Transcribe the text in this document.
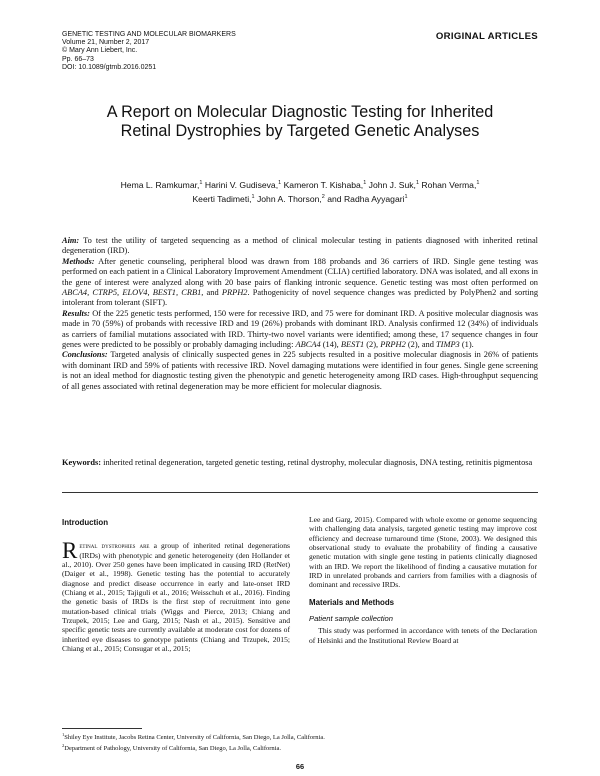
GENETIC TESTING AND MOLECULAR BIOMARKERS
Volume 21, Number 2, 2017
© Mary Ann Liebert, Inc.
Pp. 66–73
DOI: 10.1089/gtmb.2016.0251
ORIGINAL ARTICLES
A Report on Molecular Diagnostic Testing for Inherited
Retinal Dystrophies by Targeted Genetic Analyses
Hema L. Ramkumar,$^1$ Harini V. Gudiseva,$^1$ Kameron T. Kishaba,$^1$ John J. Suk,$^1$ Rohan Verma,$^1$
Keerti Tadimeti,$^1$ John A. Thorson,$^2$ and Radha Ayyagari$^1$

Aim: To test the utility of targeted sequencing as a method of clinical molecular testing in patients diagnosed with inherited retinal degeneration (IRD).

Methods: After genetic counseling, peripheral blood was drawn from 188 probands and 36 carriers of IRD. Single gene testing was performed on each patient in a Clinical Laboratory Improvement Amendment (CLIA) certified laboratory. DNA was isolated, and all exons in the gene of interest were analyzed along with 20 base pairs of flanking intronic sequence. Genetic testing was most often performed on ABCA4, CTRP5, ELOV4, BEST1, CRB1, and PRPH2. Pathogenicity of novel sequence changes was predicted by PolyPhen2 and sorting intolerant from tolerant (SIFT).

Results: Of the 225 genetic tests performed, 150 were for recessive IRD, and 75 were for dominant IRD. A positive molecular diagnosis was made in 70 (59%) of probands with recessive IRD and 19 (26%) probands with dominant IRD. Analysis confirmed 12 (34%) of individuals as carriers of familial mutations associated with IRD. Thirty-two novel variants were identified; among these, 17 sequence changes in four genes were predicted to be possibly or probably damaging including: ABCA4 (14), BEST1 (2), PRPH2 (2), and TIMP3 (1).

Conclusions: Targeted analysis of clinically suspected genes in 225 subjects resulted in a positive molecular diagnosis in 26% of patients with dominant IRD and 59% of patients with recessive IRD. Novel damaging mutations were identified in four genes. Single gene screening is not an ideal method for diagnostic testing given the phenotypic and genetic heterogeneity among IRD cases. High-throughput sequencing of all genes associated with retinal degeneration may be more efficient for molecular diagnosis.

Keywords: inherited retinal degeneration, targeted genetic testing, retinal dystrophy, molecular diagnosis, DNA testing, retinitis pigmentosa
Introduction

Retinal dystrophies are a group of inherited retinal degenerations (IRDs) with phenotypic and genetic heterogeneity (den Hollander et al., 2010). Over 250 genes have been implicated in causing IRD (RetNet) (Daiger et al., 1998). Genetic testing has the potential to accurately diagnose and predict disease occurrence in early and late-onset IRD (Chiang et al., 2015; Tajiguli et al., 2016; Weisschuh et al., 2016). Finding the genetic basis of IRDs is the first step of recruitment into gene mutation-based clinical trials (Wiggs and Pierce, 2013; Chiang and Trzupek, 2015; Lee and Garg, 2015; Nash et al., 2015). Sensitive and specific genetic tests are currently available at moderate cost for dozens of inherited eye diseases to genotype patients (Chiang and Trzupek, 2015; Chiang et al., 2015; Consugar et al., 2015;

Lee and Garg, 2015). Compared with whole exome or genome sequencing with challenging data analysis, targeted genetic testing may improve cost efficiency and decrease turnaround time (Stone, 2003). We designed this observational study to evaluate the probability of finding a causative genetic mutation with single gene testing in patients clinically diagnosed with an IRD. We report the likelihood of finding a causative mutation for IRD in unrelated probands and carriers from families with a diagnosis of dominant and recessive IRDs.

Materials and Methods
Patient sample collection

This study was performed in accordance with tenets of the Declaration of Helsinki and the Institutional Review Board at

$^1$Shiley Eye Institute, Jacobs Retina Center, University of California, San Diego, La Jolla, California.
$^2$Department of Pathology, University of California, San Diego, La Jolla, California.
66
